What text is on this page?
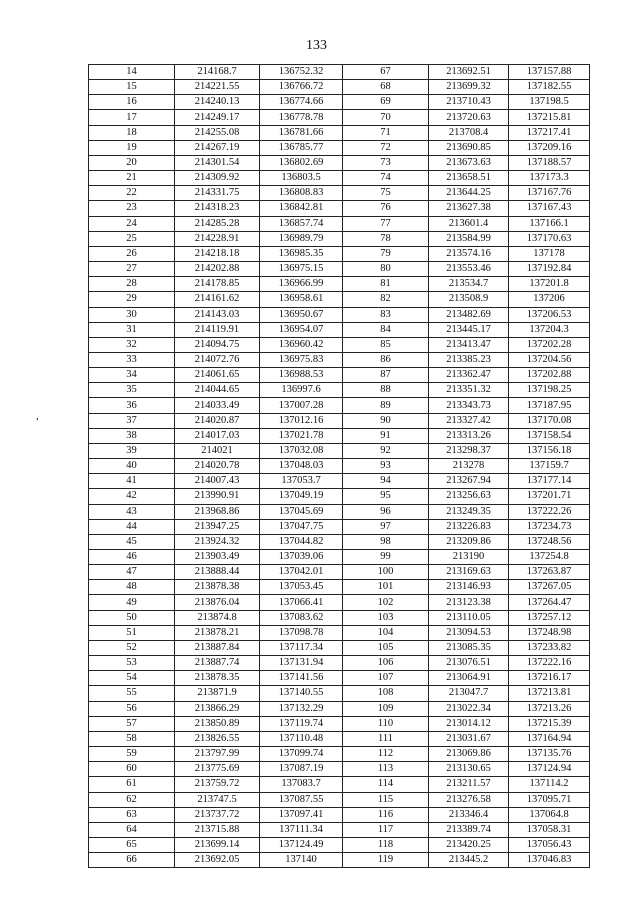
133
,
14	214168.7	136752.32	67	213692.51	137157.88
15	214221.55	136766.72	68	213699.32	137182.55
16	214240.13	136774.66	69	213710.43	137198.5
17	214249.17	136778.78	70	213720.63	137215.81
18	214255.08	136781.66	71	213708.4	137217.41
19	214267.19	136785.77	72	213690.85	137209.16
20	214301.54	136802.69	73	213673.63	137188.57
21	214309.92	136803.5	74	213658.51	137173.3
22	214331.75	136808.83	75	213644.25	137167.76
23	214318.23	136842.81	76	213627.38	137167.43
24	214285.28	136857.74	77	213601.4	137166.1
25	214228.91	136989.79	78	213584.99	137170.63
26	214218.18	136985.35	79	213574.16	137178
27	214202.88	136975.15	80	213553.46	137192.84
28	214178.85	136966.99	81	213534.7	137201.8
29	214161.62	136958.61	82	213508.9	137206
30	214143.03	136950.67	83	213482.69	137206.53
31	214119.91	136954.07	84	213445.17	137204.3
32	214094.75	136960.42	85	213413.47	137202.28
33	214072.76	136975.83	86	213385.23	137204.56
34	214061.65	136988.53	87	213362.47	137202.88
35	214044.65	136997.6	88	213351.32	137198.25
36	214033.49	137007.28	89	213343.73	137187.95
37	214020.87	137012.16	90	213327.42	137170.08
38	214017.03	137021.78	91	213313.26	137158.54
39	214021	137032.08	92	213298.37	137156.18
40	214020.78	137048.03	93	213278	137159.7
41	214007.43	137053.7	94	213267.94	137177.14
42	213990.91	137049.19	95	213256.63	137201.71
43	213968.86	137045.69	96	213249.35	137222.26
44	213947.25	137047.75	97	213226.83	137234.73
45	213924.32	137044.82	98	213209.86	137248.56
46	213903.49	137039.06	99	213190	137254.8
47	213888.44	137042.01	100	213169.63	137263.87
48	213878.38	137053.45	101	213146.93	137267.05
49	213876.04	137066.41	102	213123.38	137264.47
50	213874.8	137083.62	103	213110.05	137257.12
51	213878.21	137098.78	104	213094.53	137248.98
52	213887.84	137117.34	105	213085.35	137233.82
53	213887.74	137131.94	106	213076.51	137222.16
54	213878.35	137141.56	107	213064.91	137216.17
55	213871.9	137140.55	108	213047.7	137213.81
56	213866.29	137132.29	109	213022.34	137213.26
57	213850.89	137119.74	110	213014.12	137215.39
58	213826.55	137110.48	111	213031.67	137164.94
59	213797.99	137099.74	112	213069.86	137135.76
60	213775.69	137087.19	113	213130.65	137124.94
61	213759.72	137083.7	114	213211.57	137114.2
62	213747.5	137087.55	115	213276.58	137095.71
63	213737.72	137097.41	116	213346.4	137064.8
64	213715.88	137111.34	117	213389.74	137058.31
65	213699.14	137124.49	118	213420.25	137056.43
66	213692.05	137140	119	213445.2	137046.83
